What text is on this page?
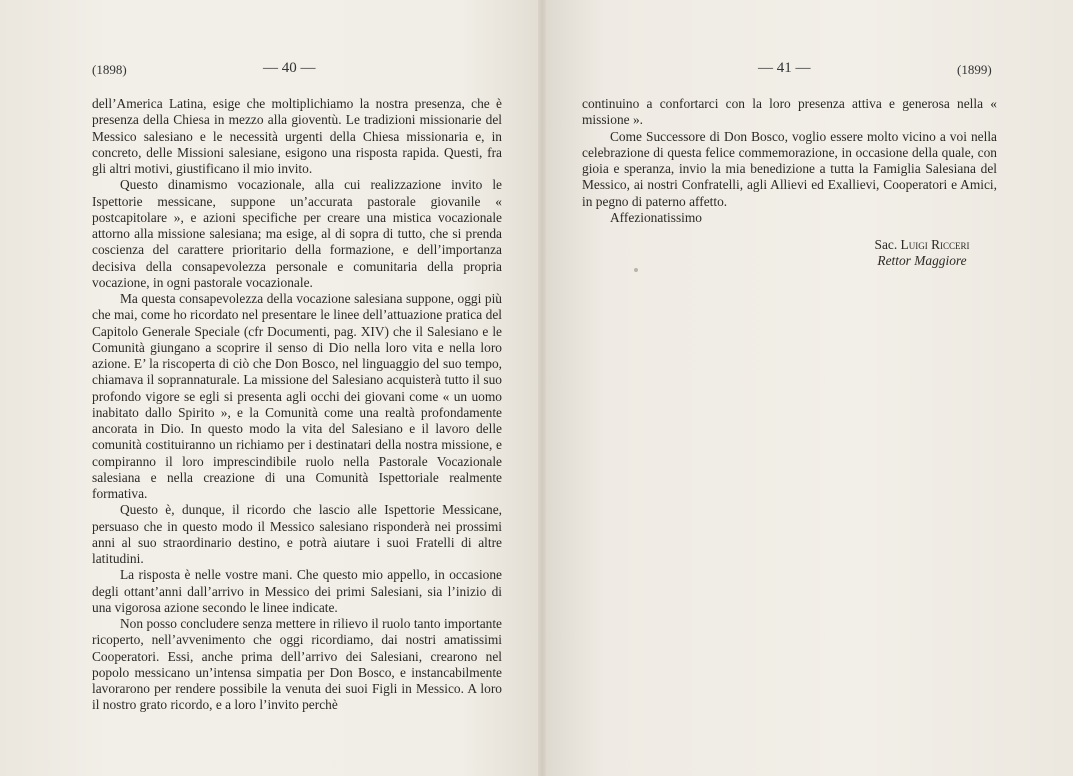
(1898)	— 40 —

dell’America Latina, esige che moltiplichiamo la nostra presenza, che è presenza della Chiesa in mezzo alla gioventù. Le tradizioni missionarie del Messico salesiano e le necessità urgenti della Chiesa missionaria e, in concreto, delle Missioni salesiane, esigono una risposta rapida. Questi, fra gli altri motivi, giustificano il mio invito.

Questo dinamismo vocazionale, alla cui realizzazione invito le Ispettorie messicane, suppone un’accurata pastorale giovanile « postcapitolare », e azioni specifiche per creare una mistica vocazionale attorno alla missione salesiana; ma esige, al di sopra di tutto, che si prenda coscienza del carattere prioritario della formazione, e dell’importanza decisiva della consapevolezza personale e comunitaria della propria vocazione, in ogni pastorale vocazionale.

Ma questa consapevolezza della vocazione salesiana suppone, oggi più che mai, come ho ricordato nel presentare le linee dell’attuazione pratica del Capitolo Generale Speciale (cfr Documenti, pag. XIV) che il Salesiano e le Comunità giungano a scoprire il senso di Dio nella loro vita e nella loro azione. E’ la riscoperta di ciò che Don Bosco, nel linguaggio del suo tempo, chiamava il soprannaturale. La missione del Salesiano acquisterà tutto il suo profondo vigore se egli si presenta agli occhi dei giovani come « un uomo inabitato dallo Spirito », e la Comunità come una realtà profondamente ancorata in Dio. In questo modo la vita del Salesiano e il lavoro delle comunità costituiranno un richiamo per i destinatari della nostra missione, e compiranno il loro imprescindibile ruolo nella Pastorale Vocazionale salesiana e nella creazione di una Comunità Ispettoriale realmente formativa.

Questo è, dunque, il ricordo che lascio alle Ispettorie Messicane, persuaso che in questo modo il Messico salesiano risponderà nei prossimi anni al suo straordinario destino, e potrà aiutare i suoi Fratelli di altre latitudini.

La risposta è nelle vostre mani. Che questo mio appello, in occasione degli ottant’anni dall’arrivo in Messico dei primi Salesiani, sia l’inizio di una vigorosa azione secondo le linee indicate.

Non posso concludere senza mettere in rilievo il ruolo tanto importante ricoperto, nell’avvenimento che oggi ricordiamo, dai nostri amatissimi Cooperatori. Essi, anche prima dell’arrivo dei Salesiani, crearono nel popolo messicano un’intensa simpatia per Don Bosco, e instancabilmente lavorarono per rendere possibile la venuta dei suoi Figli in Messico. A loro il nostro grato ricordo, e a loro l’invito perchè

— 41 —	(1899)

continuino a confortarci con la loro presenza attiva e generosa nella « missione ».

Come Successore di Don Bosco, voglio essere molto vicino a voi nella celebrazione di questa felice commemorazione, in occasione della quale, con gioia e speranza, invio la mia benedizione a tutta la Famiglia Salesiana del Messico, ai nostri Confratelli, agli Allievi ed Exallievi, Cooperatori e Amici, in pegno di paterno affetto.

Affezionatissimo

Sac. Luigi Ricceri
Rettor Maggiore
